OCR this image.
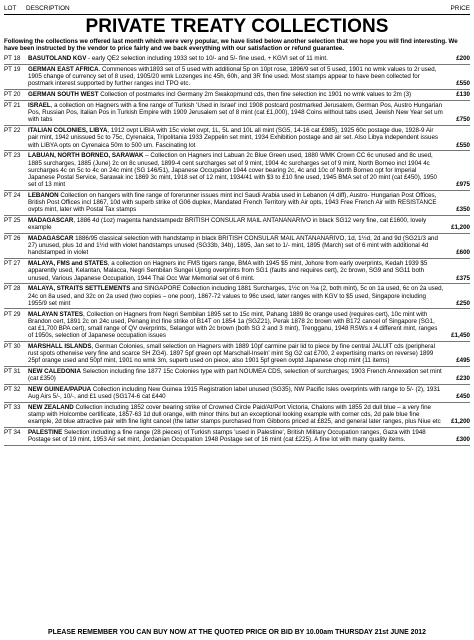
LOT	DESCRIPTION	PRICE
PRIVATE TREATY COLLECTIONS
Following the collections we offered last month which were very popular, we have listed below another selection that we hope you will find interesting. We have been instructed by the vendor to price fairly and we back everything with our satisfaction or refund guarantee.
PT 18	BASUTOLAND KGV - early QE2 selection including 1933 set to 10/- and 5/- fine used, + KGVI set of 11 mint.	£200
PT 19	GERMAN EAST AFRICA. Commences with1893 set of 5 used with additional 5p on 10pt rose, 1896/9 set of 5 used, 1901 no wmk values to 2r used, 1905 change of currency set of 8 used, 1905/20 wmk Lozenges inc 45h, 60h, and 3R fine used. Most stamps appear to have been collected for postmark interest supported by further ranges incl TPO etc.	£550
PT 20	GERMAN SOUTH WEST Collection of postmarks incl Germany 2m Swakopmund cds, then fine selection inc 1901 no wmk values to 2m (3)	£130
PT 21	ISRAEL, a collection on Hagners with a fine range of Turkish 'Used in Israel' incl 1908 postcard postmarked Jerusalem, German Pos, Austro Hungarian Pos, Russian Pos, Italian Pos in Turkish Empire with 1909 Jerusalem set of 8 mint (cat £1,000), 1948 Coins without tabs used, Jewish New Year set um with tabs	£750
PT 22	ITALIAN COLONIES, LIBYA, 1912 ovpt LIBIA with 15c violet ovpt, 1L, 5L and 10L all mint (SG5, 14-16 cat £985), 1925 60c postage due, 1928-9 Air pair mint, 1942 unissued 5c to 75c, Cyrenaica, Tripolitania 1933 Zeppelin set mint, 1934 Exhibition postage and air set. Also Libya independent issues with LIBYA opts on Cyrenaica 50m to 500 um. Fascinating lot	£550
PT 23	LABUAN, NORTH BORNEO, SARAWAK – Collection on Hagners incl Labuan 2c Blue Green used, 1880 WMK Crown CC 6c unused and 8c used, 1885 surcharges, 1885 (June) 2c on 8c unused, 1899-4 cent surcharges set of 9 mint, 1904 4c surcharges set of 9 mint, North Borneo incl 1904 4c surcharges 4c on 5c to 4c on 24c mint (SG 146/51), Japanese Occupation 1944 cover bearing 2c, 4c and 10c of North Borneo opt for Imperial Japanese Postal Service, Sarawak inc 1869 3c mint, 1918 set of 12 mint, 1934/41 with $3 to £10 fine used, 1945 BMA set of 20 mint (cat £450), 1950 set of 13 mint	£975
PT 24	LEBANON Collection on hangers with fine range of forerunner issues mint incl Saudi Arabia used in Lebanon (4 diff), Austro- Hungarian Post Offices, British Post Offices incl 1867, 10d with superb strike of G06 duplex, Mandated French Territory with Air opts, 1943 Free French Air with RESISTANCE ovpts mint, later with Postal Tax stamps	£350
PT 25	MADAGASCAR, 1886 4d (1oz) magenta handstampedz BRITISH CONSULAR MAIL ANTANANARIVO in black SG12 very fine, cat £1600, lovely example	£1,200
PT 26	MADAGASCAR 1886/95 classical selection with handstamp in black BRITISH CONSULAR MAIL ANTANANARIVO, 1d, 1½d, 2d and 9d (SG21/3 and 27) unused, plus 1d and 1½d with violet handstamps unused (SG33b, 34b), 1895, Jan set to 1/- mint, 1895 (March) set of 6 mint with additional 4d handstamped in violet	£600
PT 27	MALAYA, FMS and STATES, a collection on Hagners inc FMS tigers range, BMA with 1945 $5 mint, Johore from early overprints, Kedah 1939 $5 apparently used, Kelantan, Malacca, Negri Sembilan Sungei Ujong overprints from SG1 (faults and requires cert), 2c brown, SG9 and SG11 both unused, Various Japanese Occupation, 1944 Thai Occ War Memorial set of 6 mint.	£375
PT 28	MALAYA, STRAITS SETTLEMENTS and SINGAPORE Collection including 1881 Surcharges, 1½c on ½a (2, both mint), 5c on 1a used, 6c on 2a used, 24c on 8a used, and 32c on 2a used (two copies – one poor), 1867-72 values to 96c used, later ranges with KGV to $5 used, Singapore including 1955/9 set mint	£250
PT 29	MALAYAN STATES, Collection on Hagners from Negri Sembilan 1895 set to 15c mint, Pahang 1889 8c orange used (requires cert), 10c mint with Brandon cert, 1891 2c on 24c used, Penang incl fine strike of B14T on 1854 1a (SGZ21), Perak 1878 2c brown with B172 cancel of Singapore (SG1, cat £1,700 BPA cert), small range of QV overprints, Selangor with 2c brown (both SG 2 and 3 mint), Trengganu, 1948 RSWs x 4 different mint, ranges of 1950s, selection of Japanese occupation issues	£1,450
PT 30	MARSHALL ISLANDS, German Colonies, small selection on Hagners with 1889 10pf carmine pair lid to piece by fine central JALUIT cds (peripheral rust spots otherwise very fine and scarce SH ZG4). 1897 5pf green opt Marschall-Inseln' mint Sg G2 cat £700, 2 expertising marks on reverse) 1899 25pf orange used and 50pf mint, 1901 no wmk 3m, superb used on piece, also 1901 5pf green ovptd Japanese chop mint (11 items)	£495
PT 31	NEW CALEDONIA Selection including fine 1877 15c Colonies type with part NOUMEA CDS, selection of surcharges; 1903 French Annexation set mint (cat £350)	£230
PT 32	NEW GUINEA/PAPUA Collection including New Guinea 1915 Registration label unused (SG35), NW Pacific Isles overprints with range to 5/- (2), 1931 Aug Airs 5/-, 10/-, and £1 used (SG174-6 cat £440	£450
PT 33	NEW ZEALAND Collection including 1852 cover bearing strike of Crowned Circle Paid/At/Port Victoria, Chalons with 1855 2d dull blue – a very fine stamp with Holcombe certificate, 1857-63 1d dull orange, with minor thins but an exceptional looking example with corner cds, 2d pale blue fine example, 2d blue attractive pair with fine light cancel (the latter stamps purchased from Gibbons priced at £825, and general later ranges, plus Niue etc	£1,200
PT 34	PALESTINE Selection including a fine range (28 pieces) of Turkish stamps 'used in Palestine', British Military Occupation ranges, Gaza with 1948 Postage set of 19 mint, 1953 Air set mint, Jordanian Occupation 1948 Postage set of 16 mint (cat £225). A fine lot with many quality items.	£300
PLEASE REMEMBER YOU CAN BUY NOW AT THE QUOTED PRICE OR BID BY 10.00am THURSDAY 21st JUNE 2012
